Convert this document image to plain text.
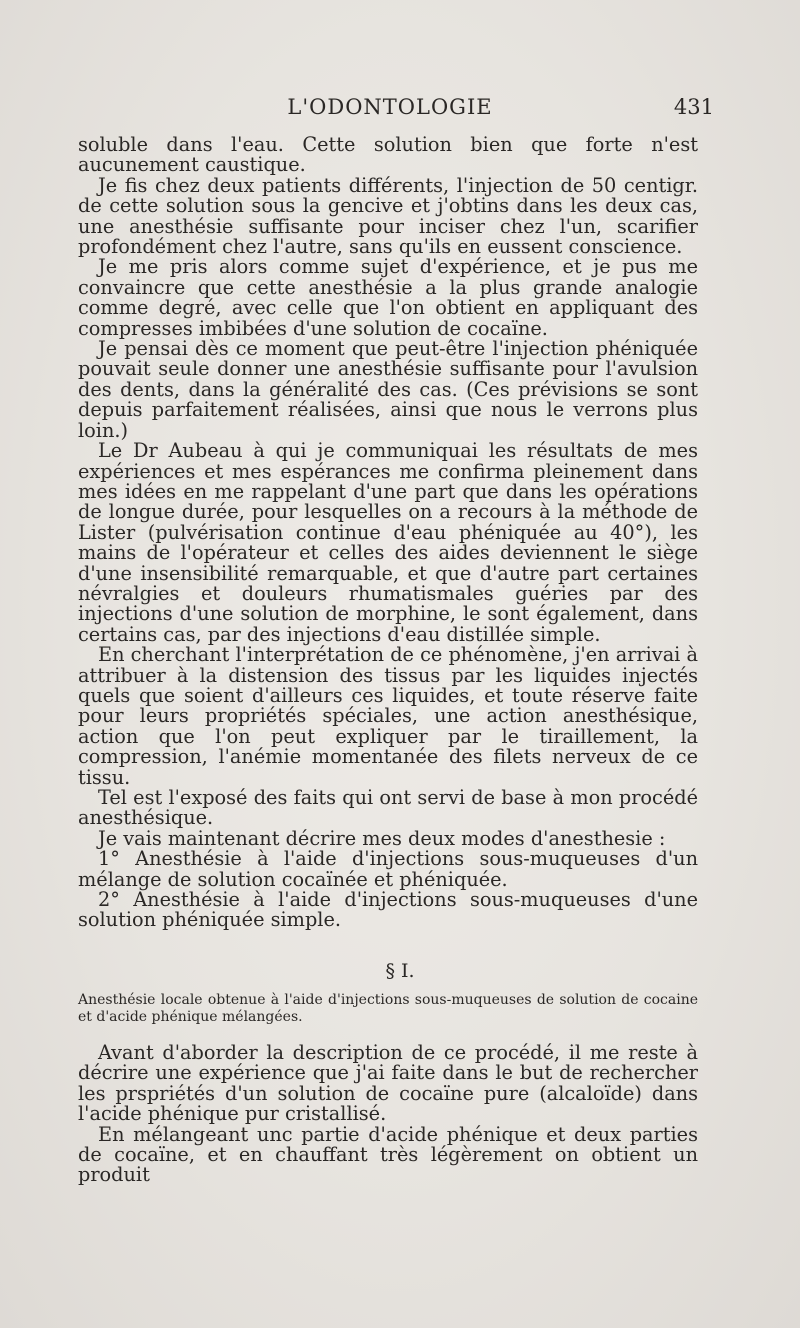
L'ODONTOLOGIE	431

soluble dans l'eau. Cette solution bien que forte n'est aucunement caustique.

Je fis chez deux patients différents, l'injection de 50 centigr. de cette solution sous la gencive et j'obtins dans les deux cas, une anesthésie suffisante pour inciser chez l'un, scarifier profondément chez l'autre, sans qu'ils en eussent conscience.

Je me pris alors comme sujet d'expérience, et je pus me convaincre que cette anesthésie a la plus grande analogie comme degré, avec celle que l'on obtient en appliquant des compresses imbibées d'une solution de cocaïne.

Je pensai dès ce moment que peut-être l'injection phéniquée pouvait seule donner une anesthésie suffisante pour l'avulsion des dents, dans la généralité des cas. (Ces prévisions se sont depuis parfaitement réalisées, ainsi que nous le verrons plus loin.)

Le Dr Aubeau à qui je communiquai les résultats de mes expériences et mes espérances me confirma pleinement dans mes idées en me rappelant d'une part que dans les opérations de longue durée, pour lesquelles on a recours à la méthode de Lister (pulvérisation continue d'eau phéniquée au 40°), les mains de l'opérateur et celles des aides deviennent le siège d'une insensibilité remarquable, et que d'autre part certaines névralgies et douleurs rhumatismales guéries par des injections d'une solution de morphine, le sont également, dans certains cas, par des injections d'eau distillée simple.

En cherchant l'interprétation de ce phénomène, j'en arrivai à attribuer à la distension des tissus par les liquides injectés quels que soient d'ailleurs ces liquides, et toute réserve faite pour leurs propriétés spéciales, une action anesthésique, action que l'on peut expliquer par le tiraillement, la compression, l'anémie momentanée des filets nerveux de ce tissu.

Tel est l'exposé des faits qui ont servi de base à mon procédé anesthésique.

Je vais maintenant décrire mes deux modes d'anesthesie :

1° Anesthésie à l'aide d'injections sous-muqueuses d'un mélange de solution cocaïnée et phéniquée.

2° Anesthésie à l'aide d'injections sous-muqueuses d'une solution phéniquée simple.

§ I.

Anesthésie locale obtenue à l'aide d'injections sous-muqueuses de solution de cocaine et d'acide phénique mélangées.

Avant d'aborder la description de ce procédé, il me reste à décrire une expérience que j'ai faite dans le but de rechercher les prspriétés d'un solution de cocaïne pure (alcaloïde) dans l'acide phénique pur cristallisé.

En mélangeant unc partie d'acide phénique et deux parties de cocaïne, et en chauffant très légèrement on obtient un produit
